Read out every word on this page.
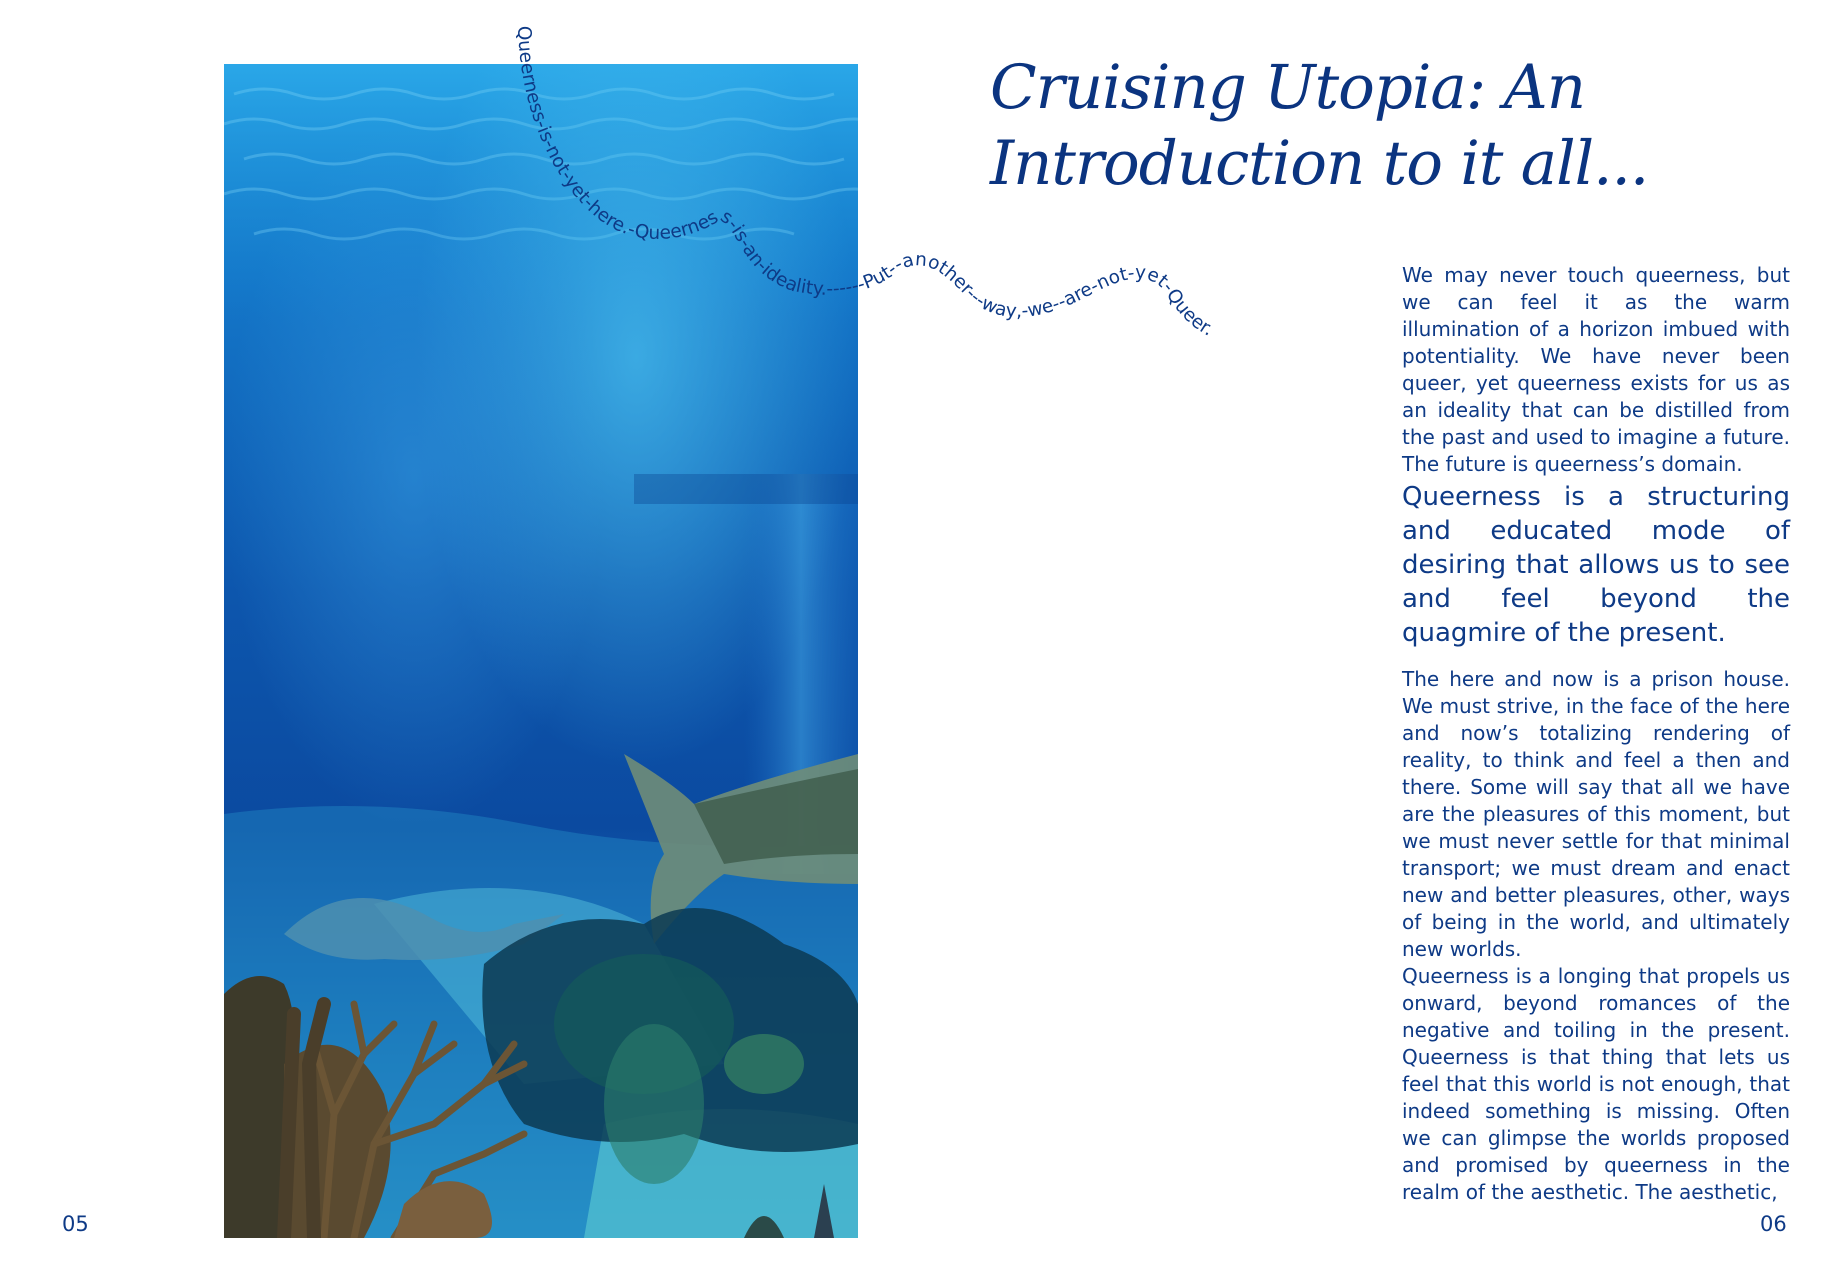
Cruising Utopia: An Introduction to it all...
Queerness-is-not-yet-here.-Queerness-is-an-ideality.------Put--another---way,-we--are-not-yet-Queer.

We may never touch queerness, but we can feel it as the warm illumination of a horizon imbued with potentiality. We have never been queer, yet queerness exists for us as an ideality that can be distilled from the past and used to imagine a future. The future is queerness’s domain.

Queerness is a structuring and educated mode of desiring that allows us to see and feel beyond the quagmire of the present.

The here and now is a prison house. We must strive, in the face of the here and now’s totalizing rendering of reality, to think and feel a then and there. Some will say that all we have are the pleasures of this moment, but we must never settle for that minimal transport; we must dream and enact new and better pleasures, other, ways of being in the world, and ultimately new worlds.

Queerness is a longing that propels us onward, beyond romances of the negative and toiling in the present. Queerness is that thing that lets us feel that this world is not enough, that indeed something is missing. Often we can glimpse the worlds proposed and promised by queerness in the realm of the aesthetic. The aesthetic,

05	06
